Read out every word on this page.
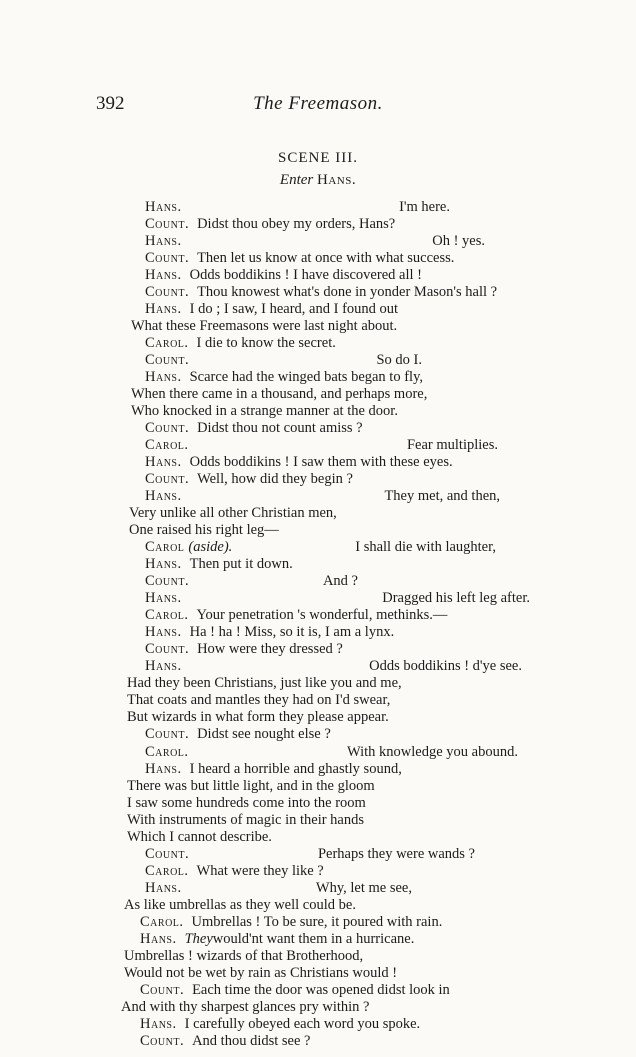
392	The Freemason.
SCENE III.
Enter Hans.
Hans.	I'm here.
Count. Didst thou obey my orders, Hans?
Hans.	Oh ! yes.
Count. Then let us know at once with what success.
Hans. Odds boddikins ! I have discovered all !
Count. Thou knowest what's done in yonder Mason's hall ?
Hans. I do ; I saw, I heard, and I found out
What these Freemasons were last night about.
Carol. I die to know the secret.
Count.	So do I.
Hans. Scarce had the winged bats began to fly,
When there came in a thousand, and perhaps more,
Who knocked in a strange manner at the door.
Count. Didst thou not count amiss ?
Carol.	Fear multiplies.
Hans. Odds boddikins ! I saw them with these eyes.
Count. Well, how did they begin ?
Hans.	They met, and then,
Very unlike all other Christian men,
One raised his right leg—
Carol (aside).	I shall die with laughter,
Hans. Then put it down.
Count.	And ?
Hans.	Dragged his left leg after.
Carol. Your penetration 's wonderful, methinks.—
Hans. Ha ! ha ! Miss, so it is, I am a lynx.
Count. How were they dressed ?
Hans.	Odds boddikins ! d'ye see.
Had they been Christians, just like you and me,
That coats and mantles they had on I'd swear,
But wizards in what form they please appear.
Count. Didst see nought else ?
Carol.	With knowledge you abound.
Hans. I heard a horrible and ghastly sound,
There was but little light, and in the gloom
I saw some hundreds come into the room
With instruments of magic in their hands
Which I cannot describe.
Count.	Perhaps they were wands ?
Carol. What were they like ?
Hans.	Why, let me see,
As like umbrellas as they well could be.
Carol. Umbrellas ! To be sure, it poured with rain.
Hans. They would'nt want them in a hurricane.
Umbrellas ! wizards of that Brotherhood,
Would not be wet by rain as Christians would !
Count. Each time the door was opened didst look in
And with thy sharpest glances pry within ?
Hans. I carefully obeyed each word you spoke.
Count. And thou didst see ?
